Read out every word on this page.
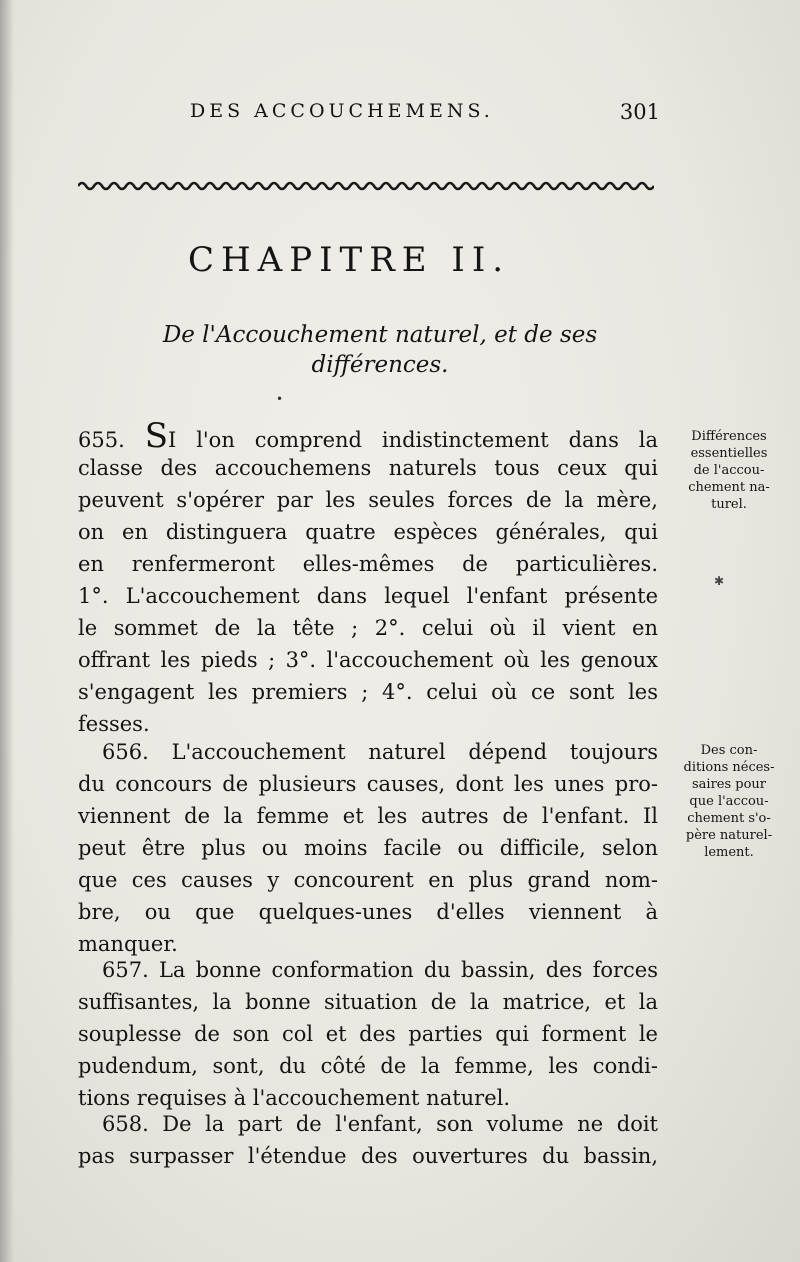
DES ACCOUCHEMENS.	301
CHAPITRE II.
De l'Accouchement naturel, et de ses
différences.
•
655. SI l'on comprend indistinctement dans la
classe des accouchemens naturels tous ceux qui
peuvent s'opérer par les seules forces de la mère,
on en distinguera quatre espèces générales, qui
en renfermeront elles-mêmes de particulières.
1°. L'accouchement dans lequel l'enfant présente
le sommet de la tête ; 2°. celui où il vient en
offrant les pieds ; 3°. l'accouchement où les genoux
s'engagent les premiers ; 4°. celui où ce sont les
fesses.
Différences
essentielles
de l'accou-
chement na-
turel.
✱
656. L'accouchement naturel dépend toujours
du concours de plusieurs causes, dont les unes pro-
viennent de la femme et les autres de l'enfant. Il
peut être plus ou moins facile ou difficile, selon
que ces causes y concourent en plus grand nom-
bre, ou que quelques-unes d'elles viennent à
manquer.
Des con-
ditions néces-
saires pour
que l'accou-
chement s'o-
père naturel-
lement.
657. La bonne conformation du bassin, des forces
suffisantes, la bonne situation de la matrice, et la
souplesse de son col et des parties qui forment le
pudendum, sont, du côté de la femme, les condi-
tions requises à l'accouchement naturel.
658. De la part de l'enfant, son volume ne doit
pas surpasser l'étendue des ouvertures du bassin,
